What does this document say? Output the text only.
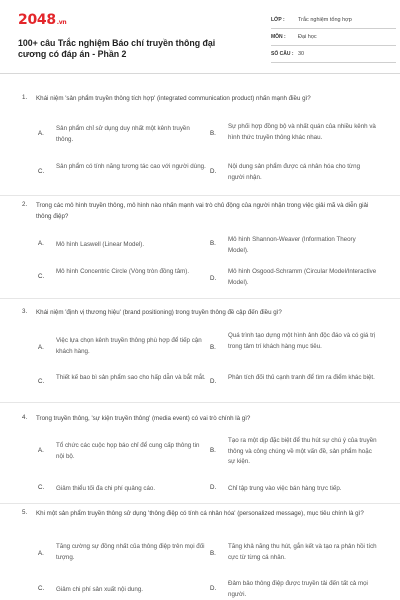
2048.vn
100+ câu Trắc nghiệm Báo chí truyền thông đại cương có đáp án - Phần 2
LỚP : Trắc nghiệm tổng hợp
MÔN : Đại học
SỐ CÂU : 30
1. Khái niệm 'sản phẩm truyền thông tích hợp' (integrated communication product) nhấn mạnh điều gì?
A.
Sản phẩm chỉ sử dụng duy nhất một kênh truyền thông.
B.
Sự phối hợp đồng bộ và nhất quán của nhiều kênh và hình thức truyền thông khác nhau.
C.
Sản phẩm có tính năng tương tác cao với người dùng.
D.
Nội dung sản phẩm được cá nhân hóa cho từng người nhận.
2. Trong các mô hình truyền thông, mô hình nào nhấn mạnh vai trò chủ động của người nhận trong việc giải mã và diễn giải thông điệp?
A. Mô hình Laswell (Linear Model).	B.
Mô hình Shannon-Weaver (Information Theory Model).
C.
Mô hình Concentric Circle (Vòng tròn đồng tâm).
D.
Mô hình Osgood-Schramm (Circular Model/Interactive Model).
3. Khái niệm 'định vị thương hiệu' (brand positioning) trong truyền thông đề cập đến điều gì?
A.
Việc lựa chọn kênh truyền thông phù hợp để tiếp cận khách hàng.	B.
Quá trình tạo dựng một hình ảnh độc đáo và có giá trị trong tâm trí khách hàng mục tiêu.
C.
Thiết kế bao bì sản phẩm sao cho hấp dẫn và bắt mắt.
D.
Phân tích đối thủ cạnh tranh để tìm ra điểm khác biệt.
4. Trong truyền thông, 'sự kiện truyền thông' (media event) có vai trò chính là gì?
A.
Tổ chức các cuộc họp báo chỉ để cung cấp thông tin nội bộ.
B.
Tạo ra một dịp đặc biệt để thu hút sự chú ý của truyền thông và công chúng về một vấn đề, sản phẩm hoặc sự kiện.
C. Giảm thiểu tối đa chi phí quảng cáo.	D. Chỉ tập trung vào việc bán hàng trực tiếp.
5. Khi một sản phẩm truyền thông sử dụng 'thông điệp có tính cá nhân hóa' (personalized message), mục tiêu chính là gì?
A.
Tăng cường sự đồng nhất của thông điệp trên mọi đối tượng.	B.
Tăng khả năng thu hút, gắn kết và tạo ra phản hồi tích cực từ từng cá nhân.
C. Giảm chi phí sản xuất nội dung.	D.
Đảm bảo thông điệp được truyền tải đến tất cả mọi người.
